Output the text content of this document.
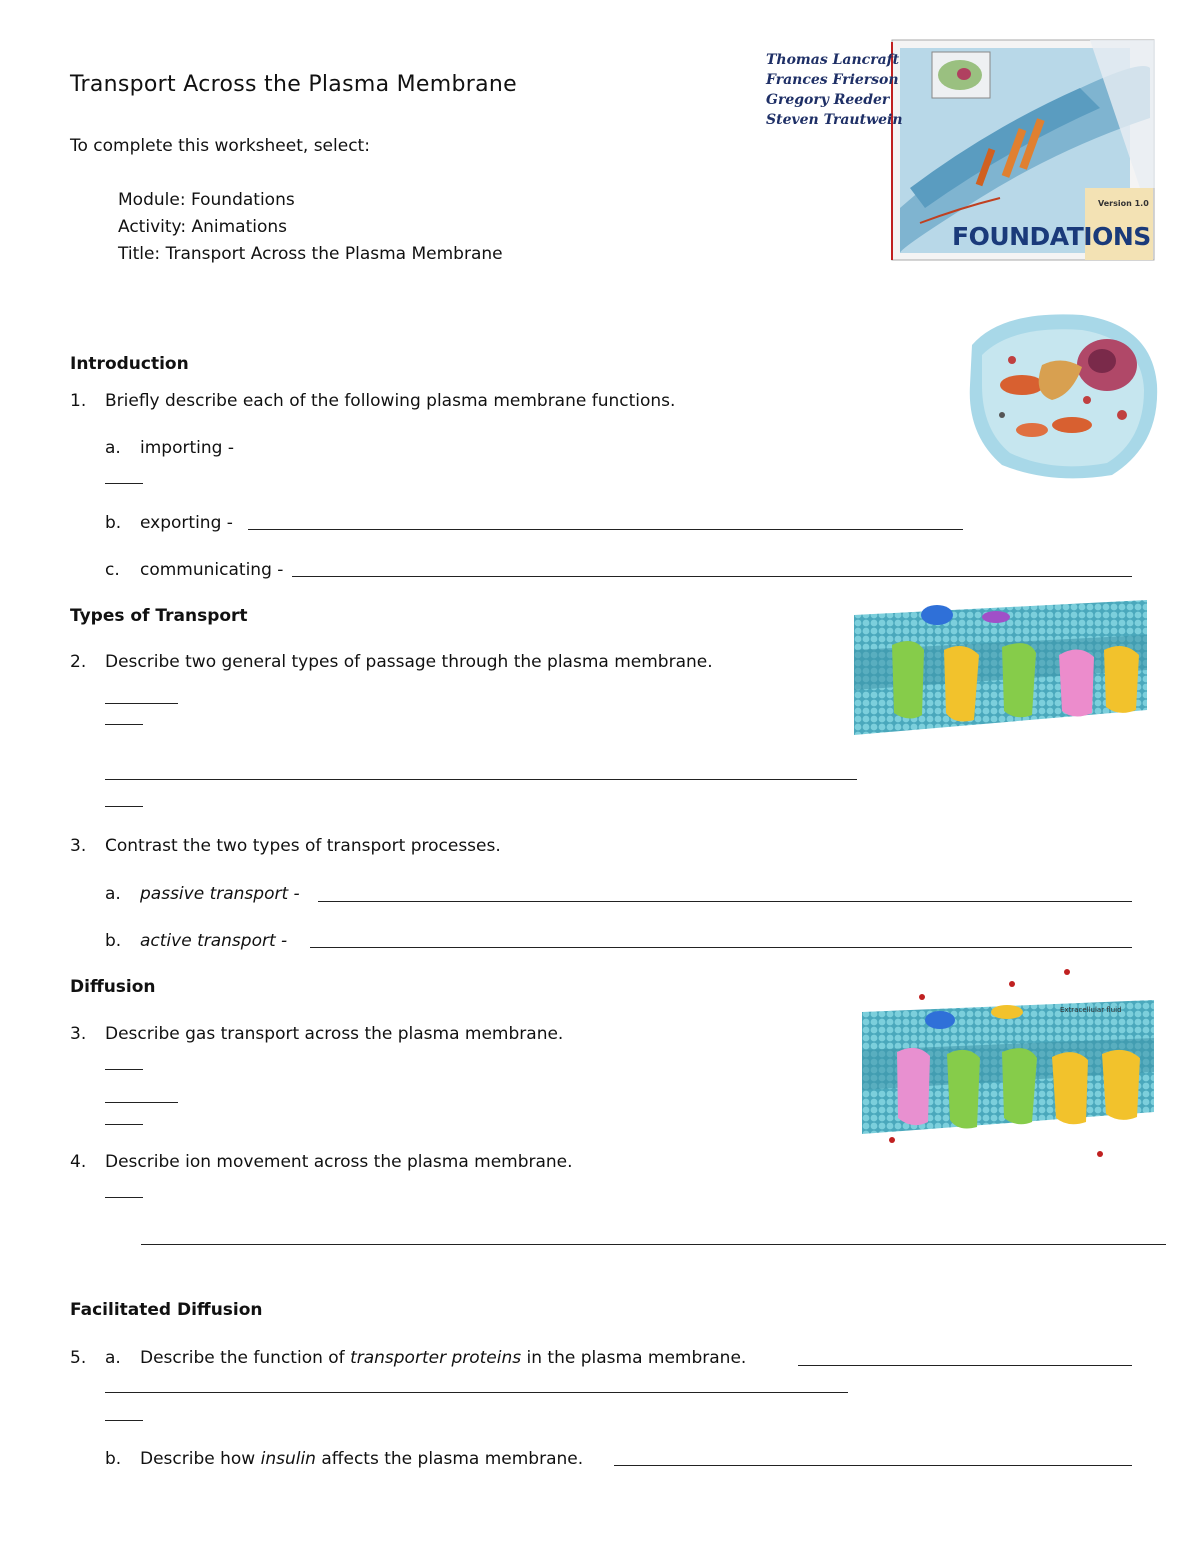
Transport Across the Plasma Membrane
To complete this worksheet, select:
Module: Foundations
Activity: Animations
Title: Transport Across the Plasma Membrane
Thomas Lancraft
Frances Frierson
Gregory Reeder
Steven Trautwein
Version 1.0
FOUNDATIONS
Introduction
1. Briefly describe each of the following plasma membrane functions.
a. importing -
b. exporting -
c. communicating -
Types of Transport
2. Describe two general types of passage through the plasma membrane.
3. Contrast the two types of transport processes.
a. passive transport -
b. active transport -
Diffusion
3. Describe gas transport across the plasma membrane.
4. Describe ion movement across the plasma membrane.
Extracellular fluid
Facilitated Diffusion
5. a. Describe the function of transporter proteins in the plasma membrane.
b. Describe how insulin affects the plasma membrane.
